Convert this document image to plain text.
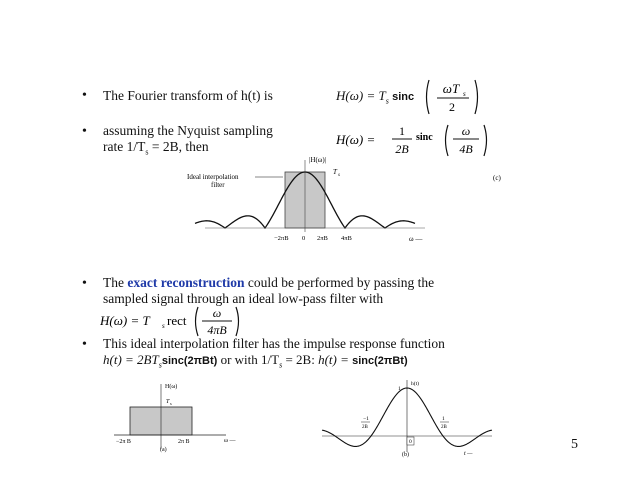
• The Fourier transform of h(t) is	$H(\omega) = T_s$ sinc
ωT s
2
• assuming the Nyquist sampling
rate $1/T_s = 2B$, then	H(ω) =
1
2B
sinc ω
4B
Ideal interpolation
filter
|H(ω)|
T s	(c)
−2πB 0 2πB 4πB	ω —
• The exact reconstruction could be performed by passing the
sampled signal through an ideal low-pass filter with
H(ω) = T s rect ω
4πB
• This ideal interpolation filter has the impulse response function
$h(t) = 2BT_s\sin c(2\pi Bt)$ or with $1/T_s = 2B$: h(t) = sinc(2πBt)
H(ω)
T s
−2π B	2π B	ω —
(a)
h(t)
1
−1
2B
1
2B
0
t —
(b)
5
